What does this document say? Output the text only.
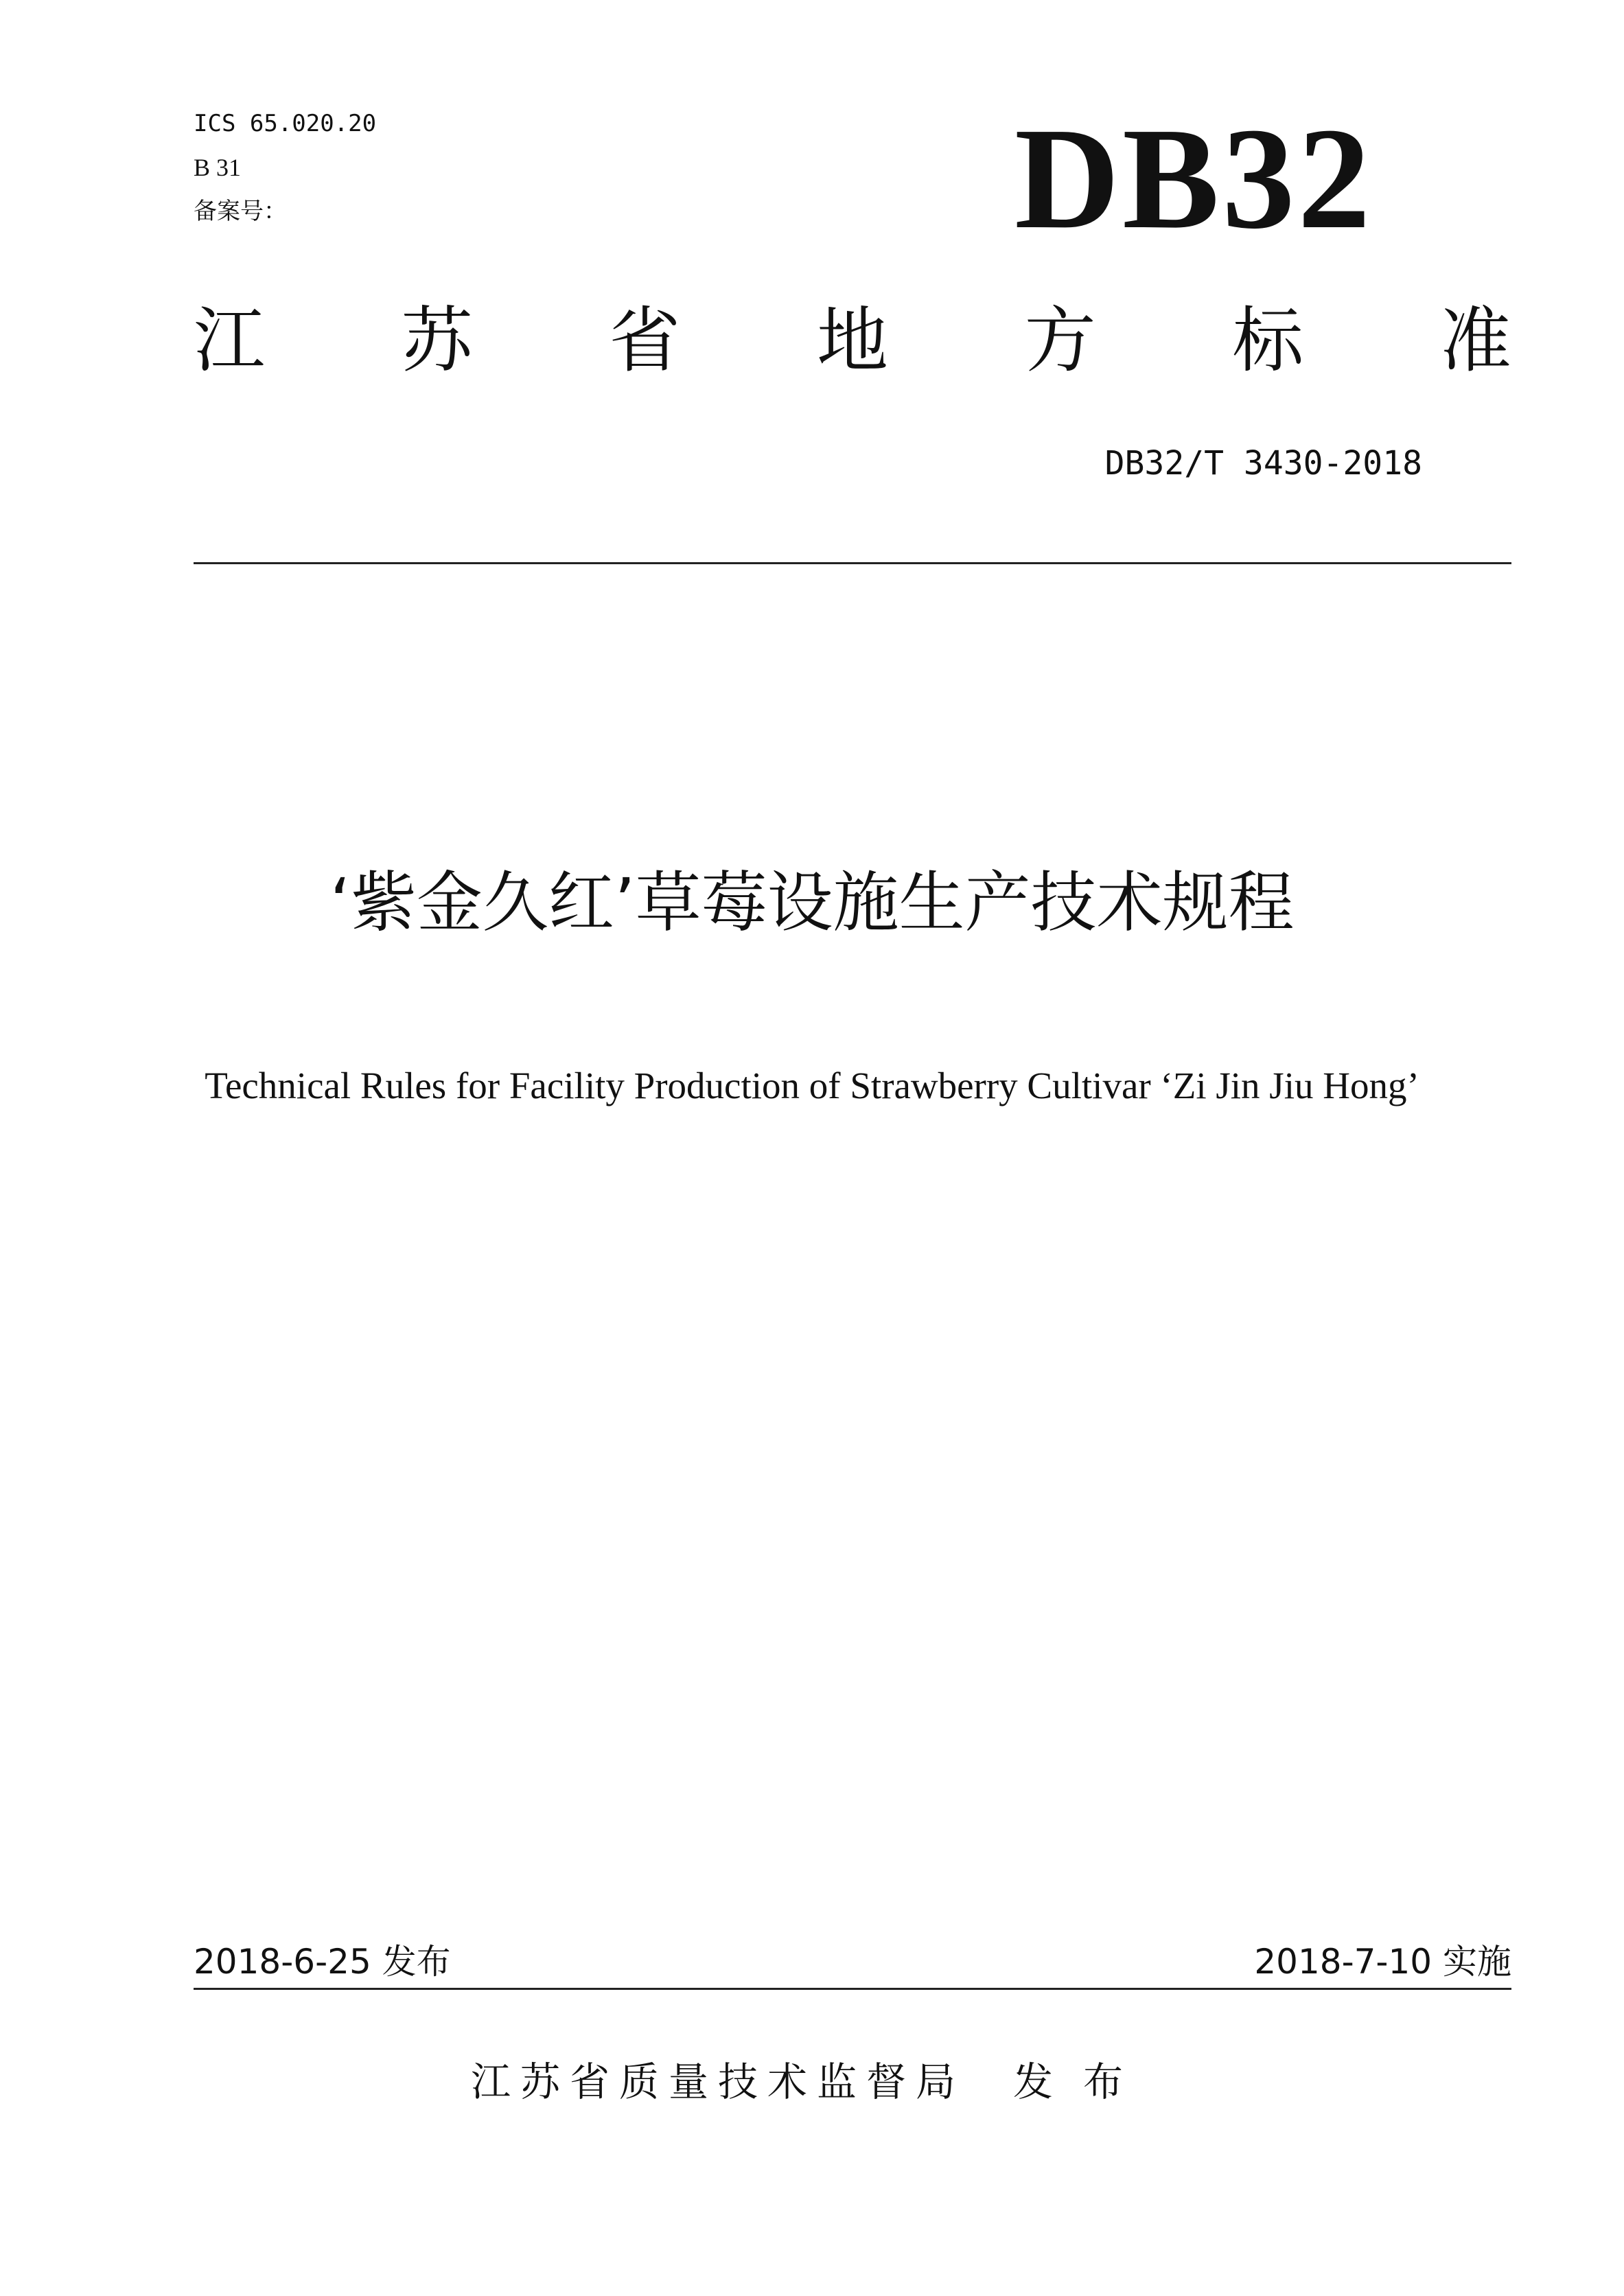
ICS 65.020.20
B 31
备案号：	DB32
江 苏 省 地 方 标 准
DB32/T 3430-2018
‘紫金久红’草莓设施生产技术规程
Technical Rules for Facility Production of Strawberry Cultivar ‘Zi Jin Jiu Hong’
2018-6-25 发布	2018-7-10 实施
江苏省质量技术监督局 发布
